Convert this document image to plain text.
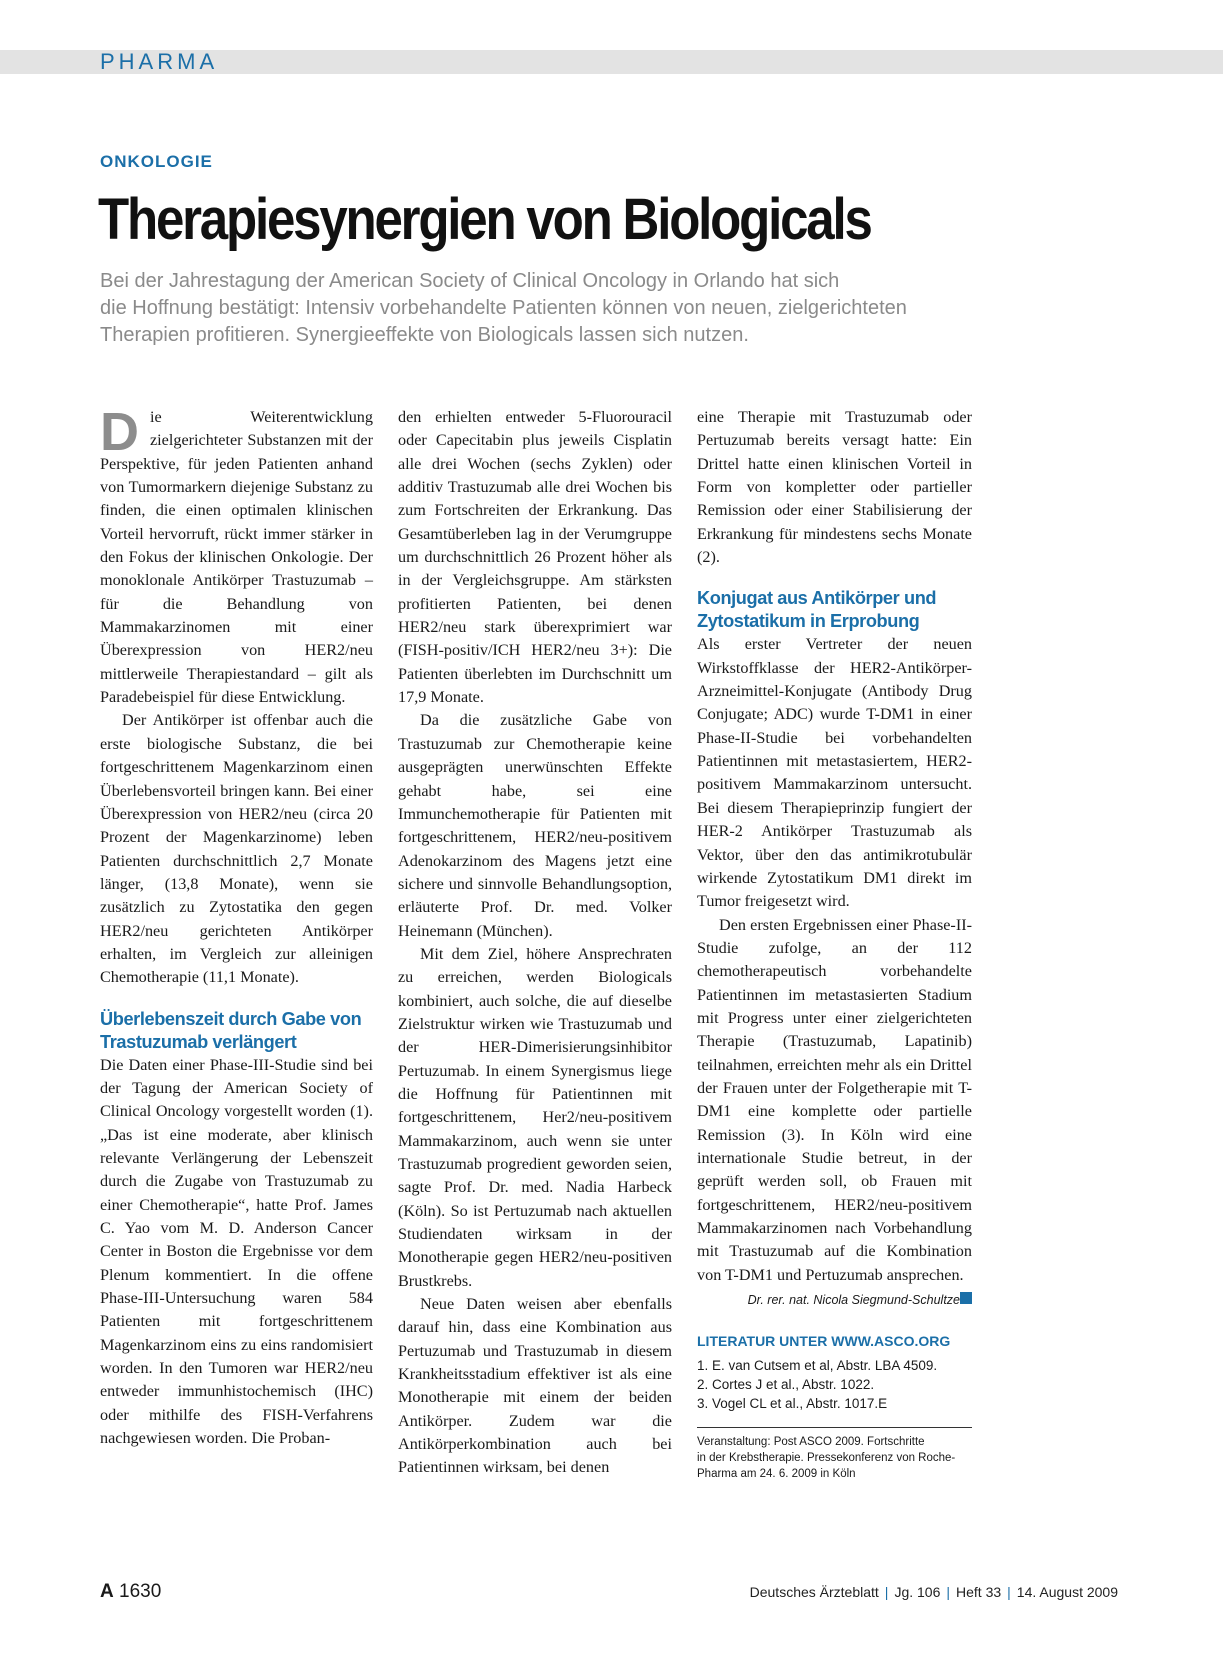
PHARMA
ONKOLOGIE
Therapiesynergien von Biologicals
Bei der Jahrestagung der American Society of Clinical Oncology in Orlando hat sich
die Hoffnung bestätigt: Intensiv vorbehandelte Patienten können von neuen, zielgerichteten
Therapien profitieren. Synergieeffekte von Biologicals lassen sich nutzen.

Die Weiterentwicklung zielgerichteter Substanzen mit der Perspektive, für jeden Patienten anhand von Tumormarkern diejenige Substanz zu finden, die einen optimalen klinischen Vorteil hervorruft, rückt immer stärker in den Fokus der klinischen Onkologie. Der monoklonale Antikörper Trastuzumab – für die Behandlung von Mammakarzinomen mit einer Überexpression von HER2/neu mittlerweile Therapiestandard – gilt als Paradebeispiel für diese Entwicklung.

Der Antikörper ist offenbar auch die erste biologische Substanz, die bei fortgeschrittenem Magenkarzinom einen Überlebensvorteil bringen kann. Bei einer Überexpression von HER2/neu (circa 20 Prozent der Magenkarzinome) leben Patienten durchschnittlich 2,7 Monate länger, (13,8 Monate), wenn sie zusätzlich zu Zytostatika den gegen HER2/neu gerichteten Antikörper erhalten, im Vergleich zur alleinigen Chemotherapie (11,1 Monate).

Überlebenszeit durch Gabe von Trastuzumab verlängert

Die Daten einer Phase-III-Studie sind bei der Tagung der American Society of Clinical Oncology vorgestellt worden (1). „Das ist eine moderate, aber klinisch relevante Verlängerung der Lebenszeit durch die Zugabe von Trastuzumab zu einer Chemotherapie“, hatte Prof. James C. Yao vom M. D. Anderson Cancer Center in Boston die Ergebnisse vor dem Plenum kommentiert. In die offene Phase-III-Untersuchung waren 584 Patienten mit fortgeschrittenem Magenkarzinom eins zu eins randomisiert worden. In den Tumoren war HER2/neu entweder immunhistochemisch (IHC) oder mithilfe des FISH-Verfahrens nachgewiesen worden. Die Proban-

den erhielten entweder 5-Fluorouracil oder Capecitabin plus jeweils Cisplatin alle drei Wochen (sechs Zyklen) oder additiv Trastuzumab alle drei Wochen bis zum Fortschreiten der Erkrankung. Das Gesamtüberleben lag in der Verumgruppe um durchschnittlich 26 Prozent höher als in der Vergleichsgruppe. Am stärksten profitierten Patienten, bei denen HER2/neu stark überexprimiert war (FISH-positiv/ICH HER2/neu 3+): Die Patienten überlebten im Durchschnitt um 17,9 Monate.

Da die zusätzliche Gabe von Trastuzumab zur Chemotherapie keine ausgeprägten unerwünschten Effekte gehabt habe, sei eine Immunchemotherapie für Patienten mit fortgeschrittenem, HER2/neu-positivem Adenokarzinom des Magens jetzt eine sichere und sinnvolle Behandlungsoption, erläuterte Prof. Dr. med. Volker Heinemann (München).

Mit dem Ziel, höhere Ansprechraten zu erreichen, werden Biologicals kombiniert, auch solche, die auf dieselbe Zielstruktur wirken wie Trastuzumab und der HER-Dimerisierungsinhibitor Pertuzumab. In einem Synergismus liege die Hoffnung für Patientinnen mit fortgeschrittenem, Her2/neu-positivem Mammakarzinom, auch wenn sie unter Trastuzumab progredient geworden seien, sagte Prof. Dr. med. Nadia Harbeck (Köln). So ist Pertuzumab nach aktuellen Studiendaten wirksam in der Monotherapie gegen HER2/neu-positiven Brustkrebs.

Neue Daten weisen aber ebenfalls darauf hin, dass eine Kombination aus Pertuzumab und Trastuzumab in diesem Krankheitsstadium effektiver ist als eine Monotherapie mit einem der beiden Antikörper. Zudem war die Antikörperkombination auch bei Patientinnen wirksam, bei denen

eine Therapie mit Trastuzumab oder Pertuzumab bereits versagt hatte: Ein Drittel hatte einen klinischen Vorteil in Form von kompletter oder partieller Remission oder einer Stabilisierung der Erkrankung für mindestens sechs Monate (2).

Konjugat aus Antikörper und Zytostatikum in Erprobung

Als erster Vertreter der neuen Wirkstoffklasse der HER2-Antikörper-Arzneimittel-Konjugate (Antibody Drug Conjugate; ADC) wurde T-DM1 in einer Phase-II-Studie bei vorbehandelten Patientinnen mit metastasiertem, HER2-positivem Mammakarzinom untersucht. Bei diesem Therapieprinzip fungiert der HER-2 Antikörper Trastuzumab als Vektor, über den das antimikrotubulär wirkende Zytostatikum DM1 direkt im Tumor freigesetzt wird.

Den ersten Ergebnissen einer Phase-II-Studie zufolge, an der 112 chemotherapeutisch vorbehandelte Patientinnen im metastasierten Stadium mit Progress unter einer zielgerichteten Therapie (Trastuzumab, Lapatinib) teilnahmen, erreichten mehr als ein Drittel der Frauen unter der Folgetherapie mit T-DM1 eine komplette oder partielle Remission (3). In Köln wird eine internationale Studie betreut, in der geprüft werden soll, ob Frauen mit fortgeschrittenem, HER2/neu-positivem Mammakarzinomen nach Vorbehandlung mit Trastuzumab auf die Kombination von T-DM1 und Pertuzumab ansprechen.

Dr. rer. nat. Nicola Siegmund-Schultze
LITERATUR UNTER WWW.ASCO.ORG
1. E. van Cutsem et al, Abstr. LBA 4509.
2. Cortes J et al., Abstr. 1022.
3. Vogel CL et al., Abstr. 1017.E
Veranstaltung: Post ASCO 2009. Fortschritte
in der Krebstherapie. Pressekonferenz von Roche-
Pharma am 24. 6. 2009 in Köln
A 1630	Deutsches Ärzteblatt | Jg. 106 | Heft 33 | 14. August 2009
